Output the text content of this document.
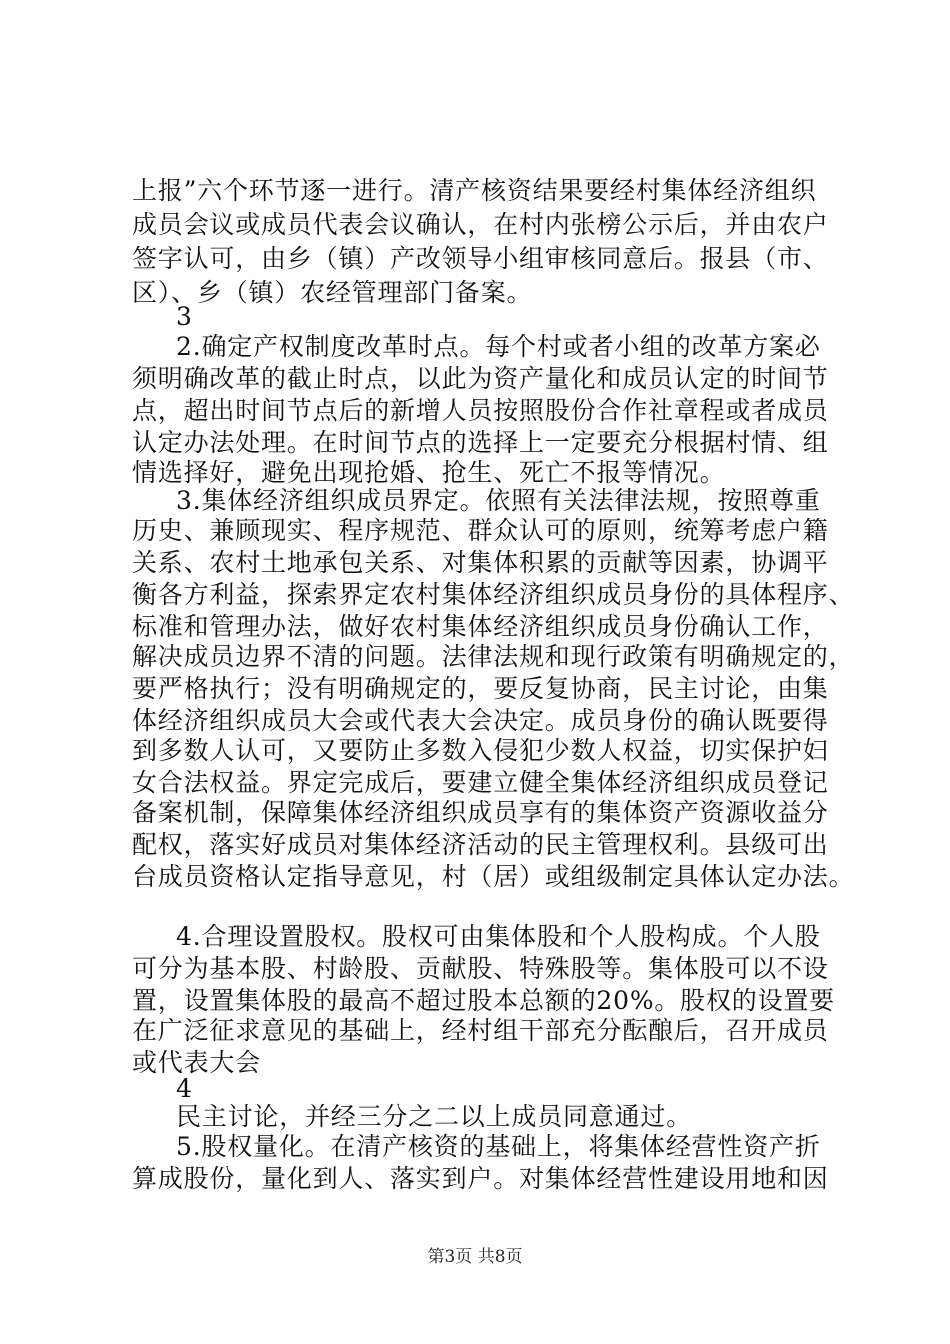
上报”六个环节逐一进行。清产核资结果要经村集体经济组织
成员会议或成员代表会议确认，在村内张榜公示后，并由农户
签字认可，由乡（镇）产改领导小组审核同意后。报县（市、
区）、乡（镇）农经管理部门备案。
3
2.确定产权制度改革时点。每个村或者小组的改革方案必
须明确改革的截止时点，以此为资产量化和成员认定的时间节
点，超出时间节点后的新增人员按照股份合作社章程或者成员
认定办法处理。在时间节点的选择上一定要充分根据村情、组
情选择好，避免出现抢婚、抢生、死亡不报等情况。
3.集体经济组织成员界定。依照有关法律法规，按照尊重
历史、兼顾现实、程序规范、群众认可的原则，统筹考虑户籍
关系、农村土地承包关系、对集体积累的贡献等因素，协调平
衡各方利益，探索界定农村集体经济组织成员身份的具体程序、
标准和管理办法，做好农村集体经济组织成员身份确认工作，
解决成员边界不清的问题。法律法规和现行政策有明确规定的，
要严格执行；没有明确规定的，要反复协商，民主讨论，由集
体经济组织成员大会或代表大会决定。成员身份的确认既要得
到多数人认可，又要防止多数入侵犯少数人权益，切实保护妇
女合法权益。界定完成后，要建立健全集体经济组织成员登记
备案机制，保障集体经济组织成员享有的集体资产资源收益分
配权，落实好成员对集体经济活动的民主管理权利。县级可出
台成员资格认定指导意见，村（居）或组级制定具体认定办法。
4.合理设置股权。股权可由集体股和个人股构成。个人股
可分为基本股、村龄股、贡献股、特殊股等。集体股可以不设
置，设置集体股的最高不超过股本总额的20%。股权的设置要
在广泛征求意见的基础上，经村组干部充分酝酿后，召开成员
或代表大会
4
民主讨论，并经三分之二以上成员同意通过。
5.股权量化。在清产核资的基础上，将集体经营性资产折
算成股份，量化到人、落实到户。对集体经营性建设用地和因
第3页 共8页
